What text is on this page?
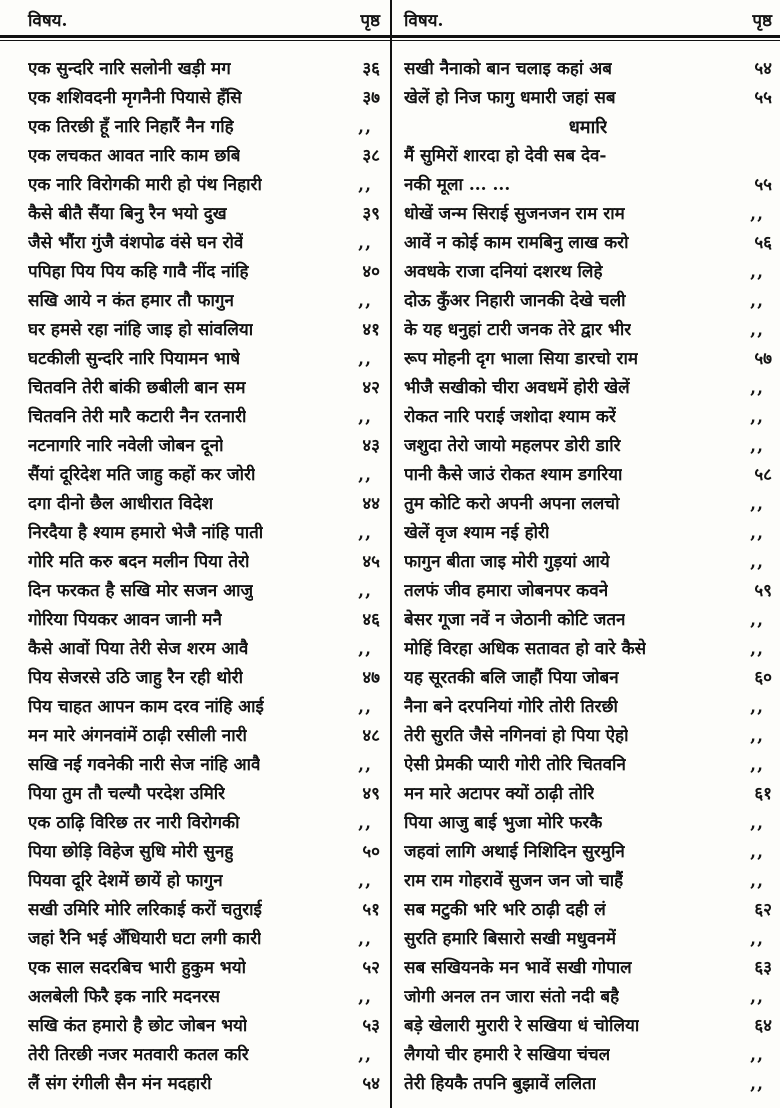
विषय.	पृष्ठ विषय.	पृष्ठ
एक सुन्दरि नारि सलोनी खड़ी मग	३६
एक शशिवदनी मृगनैनी पियासे हँसि	३७
एक तिरछी हूँ नारि निहारैं नैन गहि	,,
एक लचकत आवत नारि काम छबि	३८
एक नारि विरोगकी मारी हो पंथ निहारी	,,
कैसे बीतै सैंया बिनु रैन भयो दुख	३९
जैसे भौंरा गुंजै वंशपोढ वंसे घन रोवें	,,
पपिहा पिय पिय कहि गावै नींद नांहि	४०
सखि आये न कंत हमार तौ फागुन	,,
घर हमसे रहा नांहि जाइ हो सांवलिया	४१
घटकीली सुन्दरि नारि पियामन भाषे	,,
चितवनि तेरी बांकी छबीली बान सम	४२
चितवनि तेरी मारै कटारी नैन रतनारी	,,
नटनागरि नारि नवेली जोबन दूनो	४३
सैंयां दूरिदेश मति जाहु कहों कर जोरी	,,
दगा दीनो छैल आधीरात विदेश	४४
निरदैया है श्याम हमारो भेजै नांहि पाती	,,
गोरि मति करु बदन मलीन पिया तेरो	४५
दिन फरकत है सखि मोर सजन आजु	,,
गोरिया पियकर आवन जानी मनै	४६
कैसे आवों पिया तेरी सेज शरम आवै	,,
पिय सेजरसे उठि जाहु रैन रही थोरी	४७
पिय चाहत आपन काम दरव नांहि आई	,,
मन मारे अंगनवांमें ठाढ़ी रसीली नारी	४८
सखि नई गवनेकी नारी सेज नांहि आवै	,,
पिया तुम तौ चल्यौ परदेश उमिरि	४९
एक ठाढ़ि विरिछ तर नारी विरोगकी	,,
पिया छोड़ि विहेज सुधि मोरी सुनहु	५०
पियवा दूरि देशमें छायें हो फागुन	,,
सखी उमिरि मोरि लरिकाई करों चतुराई	५१
जहां रैनि भई अँधियारी घटा लगी कारी	,,
एक साल सदरबिच भारी हुकुम भयो	५२
अलबेली फिरै इक नारि मदनरस	,,
सखि कंत हमारो है छोट जोबन भयो	५३
तेरी तिरछी नजर मतवारी कतल करि	,,
लैं संग रंगीली सैन मंन मदहारी	५४
सखी नैनाको बान चलाइ कहां अब	५४
खेलें हो निज फागु धमारी जहां सब	५५
धमारि
मैं सुमिरों शारदा हो देवी सब देव-
नकी मूला ... ...	५५
धोखें जन्म सिराई सुजनजन राम राम	,,
आवें न कोई काम रामबिनु लाख करो	५६
अवधके राजा दनियां दशरथ लिहे	,,
दोऊ कुँअर निहारी जानकी देखे चली	,,
के यह धनुहां टारी जनक तेरे द्वार भीर	,,
रूप मोहनी दृग भाला सिया डारचो राम	५७
भीजै सखीको चीरा अवधमें होरी खेलें	,,
रोकत नारि पराई जशोदा श्याम करें	,,
जशुदा तेरो जायो महलपर डोरी डारि	,,
पानी कैसे जाउं रोकत श्याम डगरिया	५८
तुम कोटि करो अपनी अपना ललचो	,,
खेलें वृज श्याम नई होरी	,,
फागुन बीता जाइ मोरी गुड़यां आये	,,
तलफं जीव हमारा जोबनपर कवने	५९
बेसर गूजा नवें न जेठानी कोटि जतन	,,
मोहिं विरहा अधिक सतावत हो वारे कैसे	,,
यह सूरतकी बलि जाहौं पिया जोबन	६०
नैना बने दरपनियां गोरि तोरी तिरछी	,,
तेरी सुरति जैसे नगिनवां हो पिया ऐहो	,,
ऐसी प्रेमकी प्यारी गोरी तोरि चितवनि	,,
मन मारे अटापर क्यों ठाढ़ी तोरि	६१
पिया आजु बाई भुजा मोरि फरकै	,,
जहवां लागि अथाई निशिदिन सुरमुनि	,,
राम राम गोहरावें सुजन जन जो चाहैं	,,
सब मटुकी भरि भरि ठाढ़ी दही लं	६२
सुरति हमारि बिसारो सखी मधुवनमें	,,
सब सखियनके मन भावें सखी गोपाल	६३
जोगी अनल तन जारा संतो नदी बहै	,,
बड़े खेलारी मुरारी रे सखिया धं चोलिया	६४
लैगयो चीर हमारी रे सखिया चंचल	,,
तेरी हियकै तपनि बुझावें ललिता	,,
